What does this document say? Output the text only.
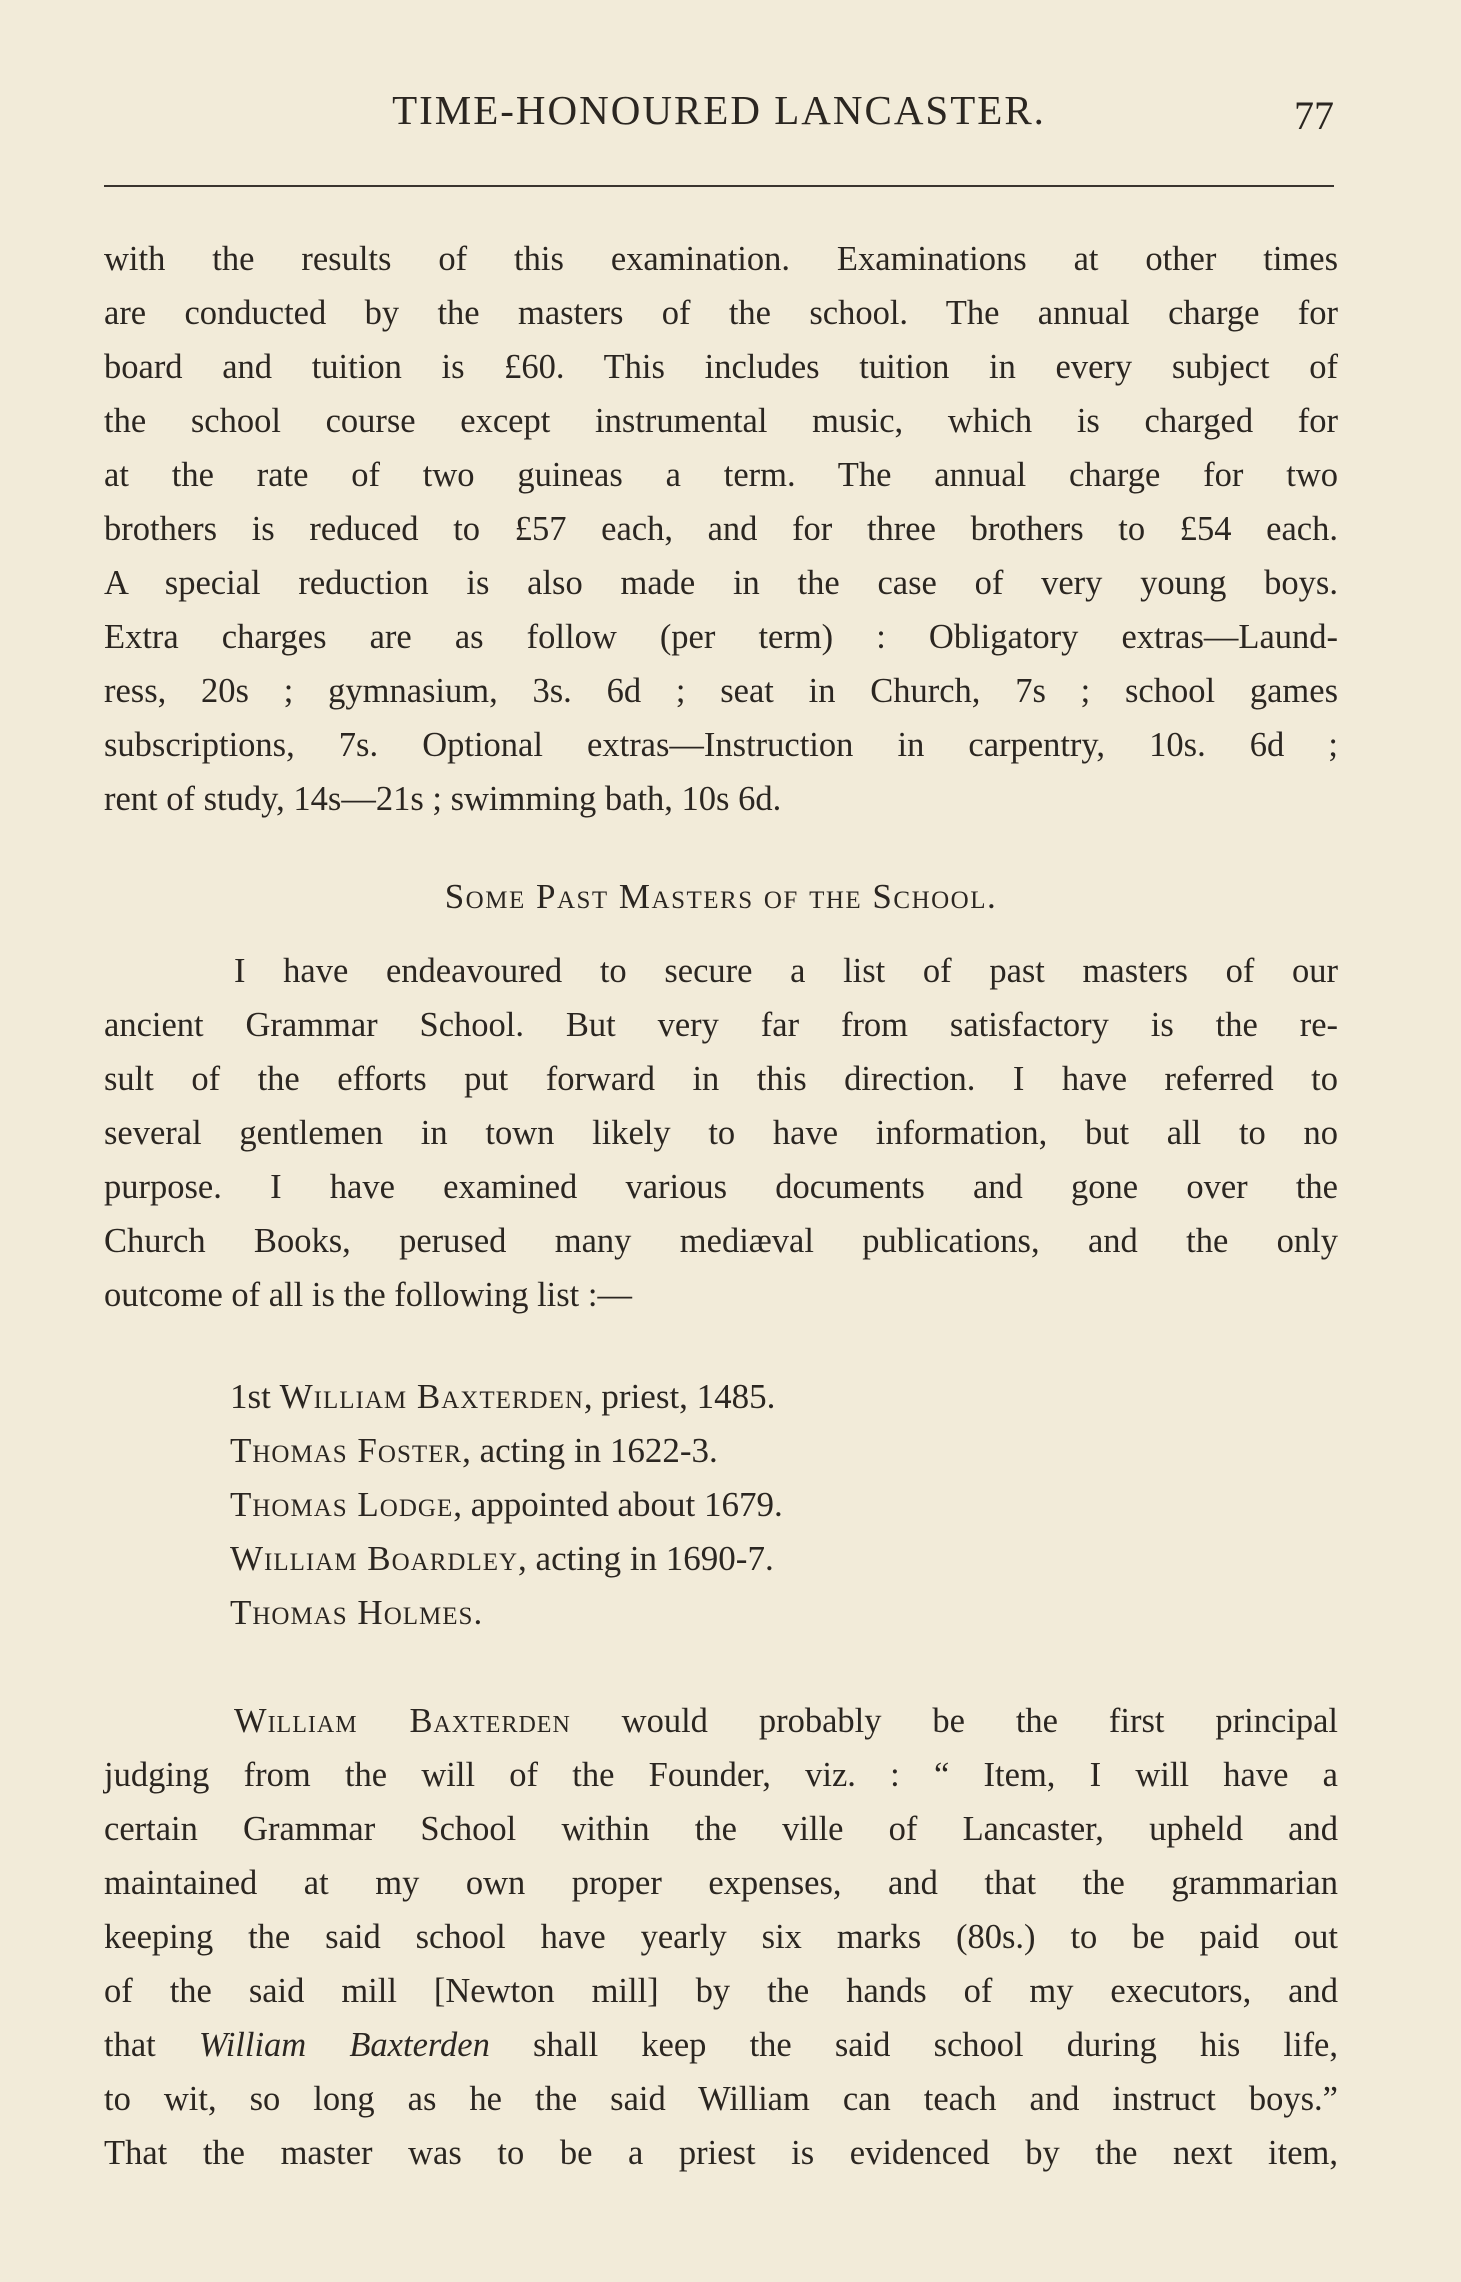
TIME-HONOURED LANCASTER.	77

with the results of this examination. Examinations at other times

are conducted by the masters of the school. The annual charge for

board and tuition is £60. This includes tuition in every subject of

the school course except instrumental music, which is charged for

at the rate of two guineas a term. The annual charge for two

brothers is reduced to £57 each, and for three brothers to £54 each.

A special reduction is also made in the case of very young boys.

Extra charges are as follow (per term) : Obligatory extras—Laund-

ress, 20s ; gymnasium, 3s. 6d ; seat in Church, 7s ; school games

subscriptions, 7s. Optional extras—Instruction in carpentry, 10s. 6d ;

rent of study, 14s—21s ; swimming bath, 10s 6d.

Some Past Masters of the School.

I have endeavoured to secure a list of past masters of our

ancient Grammar School. But very far from satisfactory is the re-

sult of the efforts put forward in this direction. I have referred to

several gentlemen in town likely to have information, but all to no

purpose. I have examined various documents and gone over the

Church Books, perused many mediæval publications, and the only

outcome of all is the following list :—

1st William Baxterden, priest, 1485.
Thomas Foster, acting in 1622-3.
Thomas Lodge, appointed about 1679.
William Boardley, acting in 1690-7.
Thomas Holmes.

William Baxterden would probably be the first principal

judging from the will of the Founder, viz. : “ Item, I will have a

certain Grammar School within the ville of Lancaster, upheld and

maintained at my own proper expenses, and that the grammarian

keeping the said school have yearly six marks (80s.) to be paid out

of the said mill [Newton mill] by the hands of my executors, and

that William Baxterden shall keep the said school during his life,

to wit, so long as he the said William can teach and instruct boys.”

That the master was to be a priest is evidenced by the next item,
